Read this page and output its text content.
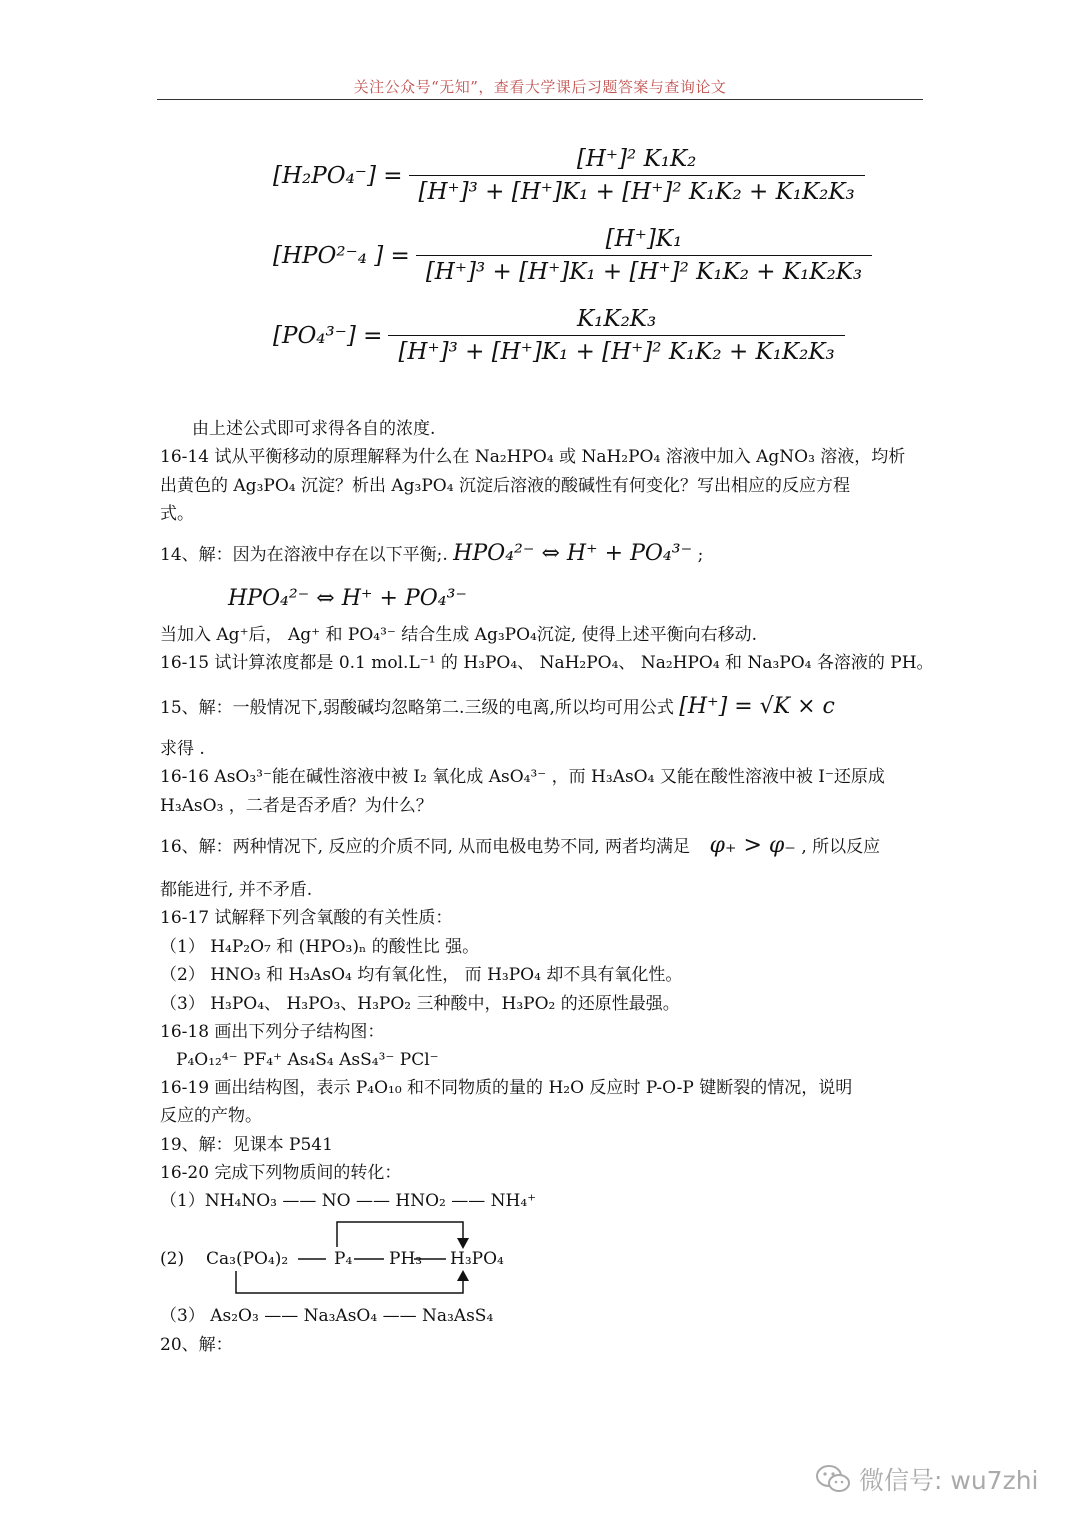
关注公众号“无知”，查看大学课后习题答案与查询论文
$[H_2PO_4^-] = \frac{\text{[H⁺]² K₁K₂}}{\text{[H⁺]³ + [H⁺]K₁ + [H⁺]² K₁K₂ + K₁K₂K₃}}$
[HPO²⁻₄ ] = $\frac{\text{[H⁺]K₁}}{\text{[H⁺]³ + [H⁺]K₁ + [H⁺]² K₁K₂ + K₁K₂K₃}}$
$[PO_4^{3-}] = \frac{\text{K₁K₂K₃}}{\text{[H⁺]³ + [H⁺]K₁ + [H⁺]² K₁K₂ + K₁K₂K₃}}$
由上述公式即可求得各自的浓度.
16-14 试从平衡移动的原理解释为什么在 Na₂HPO₄ 或 NaH₂PO₄ 溶液中加入 AgNO₃ 溶液，均析
出黄色的 Ag₃PO₄ 沉淀？析出 Ag₃PO₄ 沉淀后溶液的酸碱性有何变化？写出相应的反应方程
式。
14、解：因为在溶液中存在以下平衡;. HPO₄²⁻ ⇔ H⁺ + PO₄³⁻ ;
HPO₄²⁻ ⇔ H⁺ + PO₄³⁻
当加入 Ag⁺后， Ag⁺ 和 PO₄³⁻ 结合生成 Ag₃PO₄沉淀, 使得上述平衡向右移动.
16-15 试计算浓度都是 0.1 mol.L⁻¹ 的 H₃PO₄、 NaH₂PO₄、 Na₂HPO₄ 和 Na₃PO₄ 各溶液的 PH。
15、解：一般情况下,弱酸碱均忽略第二.三级的电离,所以均可用公式 [H⁺] = √K × c
求得 .
16-16 AsO₃³⁻能在碱性溶液中被 I₂ 氧化成 AsO₄³⁻ ，而 H₃AsO₄ 又能在酸性溶液中被 I⁻还原成
H₃AsO₃ ，二者是否矛盾？为什么？
16、解：两种情况下, 反应的介质不同, 从而电极电势不同, 两者均满足 φ₊ > φ₋ , 所以反应
都能进行, 并不矛盾.
16-17 试解释下列含氧酸的有关性质：
（1） H₄P₂O₇ 和 (HPO₃)ₙ 的酸性比 强。
（2） HNO₃ 和 H₃AsO₄ 均有氧化性， 而 H₃PO₄ 却不具有氧化性。
（3） H₃PO₄、 H₃PO₃、H₃PO₂ 三种酸中，H₃PO₂ 的还原性最强。
16-18 画出下列分子结构图：
P₄O₁₂⁴⁻ PF₄⁺ As₄S₄ AsS₄³⁻ PCl⁻
16-19 画出结构图，表示 P₄O₁₀ 和不同物质的量的 H₂O 反应时 P-O-P 键断裂的情况，说明
反应的产物。
19、解：见课本 P541
16-20 完成下列物质间的转化：
（1）NH₄NO₃ —— NO —— HNO₂ —— NH₄⁺
(2) Ca₃(PO₄)₂	P₄ PH₃ H₃PO₄
（3） As₂O₃ —— Na₃AsO₄ —— Na₃AsS₄
20、解：
微信号: wu7zhi
